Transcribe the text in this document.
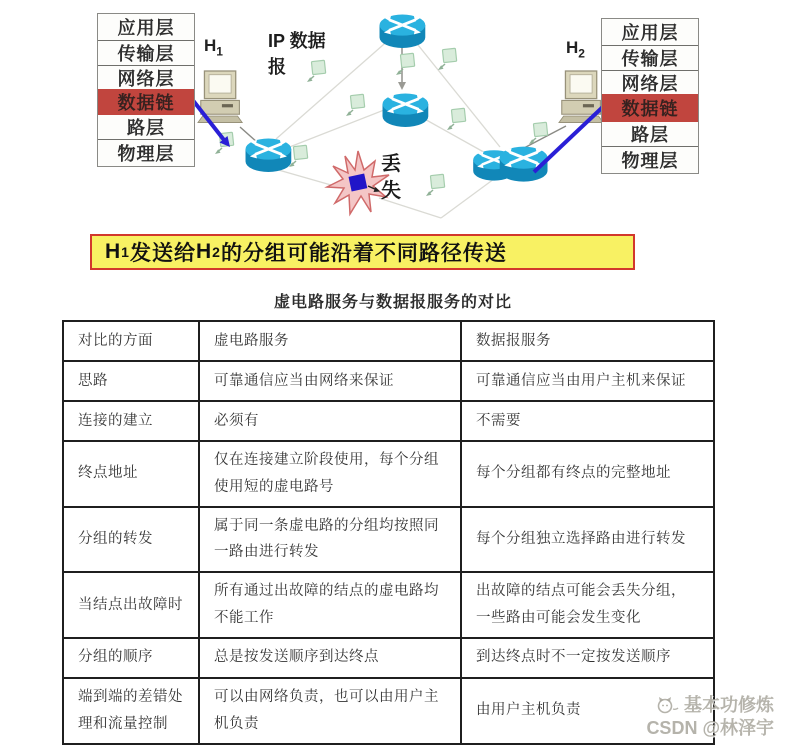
应用层
传输层
网络层
数据链
路层
物理层
应用层
传输层
网络层
数据链
路层
物理层
$H_1$	$H_2$
IP 数据
报
丢
失
H 1 发送给 H 2 的分组可能沿着不同路径传送
虚电路服务与数据报服务的对比
对比的方面	虚电路服务	数据报服务
思路	可靠通信应当由网络来保证	可靠通信应当由用户主机来保证
连接的建立	必须有	不需要
终点地址	仅在连接建立阶段使用，每个分组使用短的虚电路号	每个分组都有终点的完整地址
分组的转发	属于同一条虚电路的分组均按照同一路由进行转发	每个分组独立选择路由进行转发
当结点出故障时	所有通过出故障的结点的虚电路均不能工作	出故障的结点可能会丢失分组，一些路由可能会发生变化
分组的顺序	总是按发送顺序到达终点	到达终点时不一定按发送顺序
端到端的差错处理和流量控制	可以由网络负责，也可以由用户主机负责	由用户主机负责	基本功修炼
CSDN @林泽宇
